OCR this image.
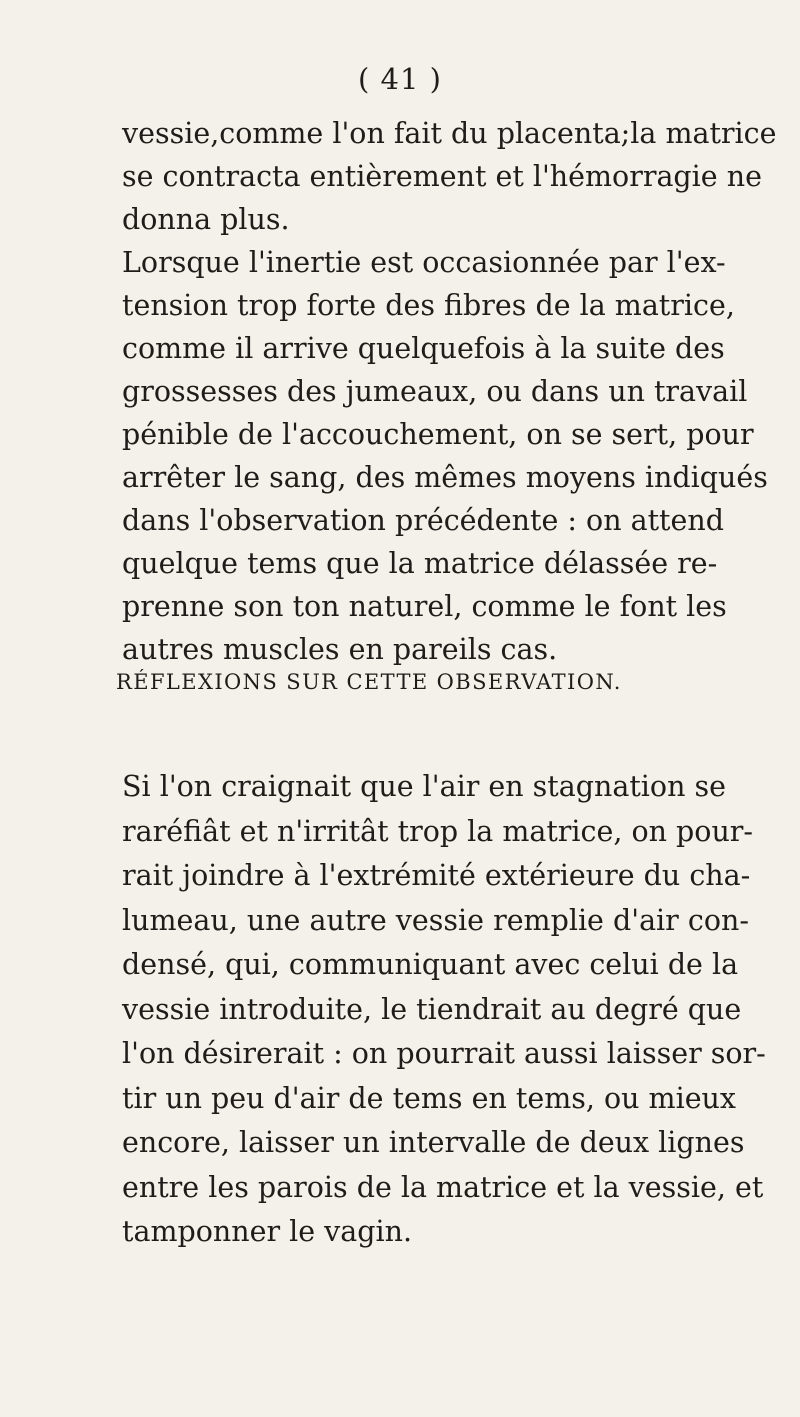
( 41 )
vessie,comme l'on fait du placenta;la matrice
se contracta entièrement et l'hémorragie ne
donna plus.
Lorsque l'inertie est occasionnée par l'ex-
tension trop forte des fibres de la matrice,
comme il arrive quelquefois à la suite des
grossesses des jumeaux, ou dans un travail
pénible de l'accouchement, on se sert, pour
arrêter le sang, des mêmes moyens indiqués
dans l'observation précédente : on attend
quelque tems que la matrice délassée re-
prenne son ton naturel, comme le font les
autres muscles en pareils cas.
RÉFLEXIONS SUR CETTE OBSERVATION.
Si l'on craignait que l'air en stagnation se
raréfiât et n'irritât trop la matrice, on pour-
rait joindre à l'extrémité extérieure du cha-
lumeau, une autre vessie remplie d'air con-
densé, qui, communiquant avec celui de la
vessie introduite, le tiendrait au degré que
l'on désirerait : on pourrait aussi laisser sor-
tir un peu d'air de tems en tems, ou mieux
encore, laisser un intervalle de deux lignes
entre les parois de la matrice et la vessie, et
tamponner le vagin.
